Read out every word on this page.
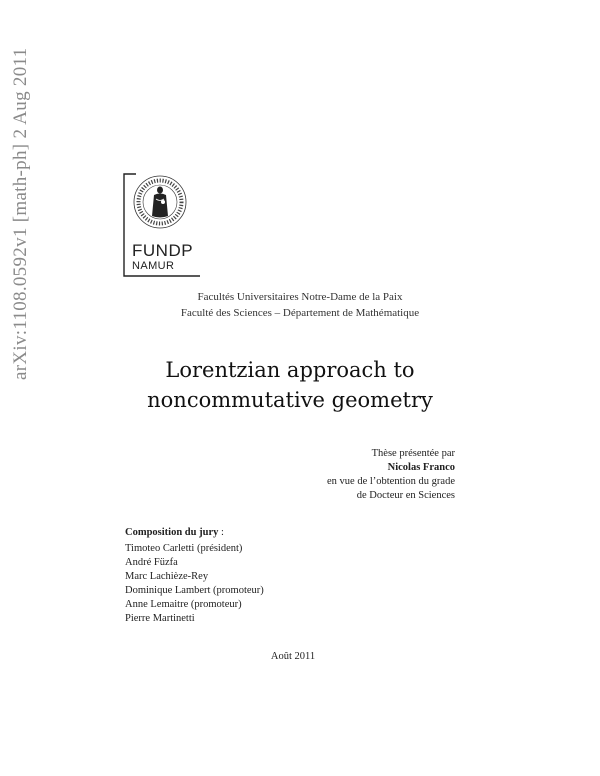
arXiv:1108.0592v1 [math-ph] 2 Aug 2011	FUNDP
NAMUR
Facultés Universitaires Notre-Dame de la Paix
Faculté des Sciences – Département de Mathématique
Lorentzian approach to
noncommutative geometry
Thèse présentée par
Nicolas Franco
en vue de l’obtention du grade
de Docteur en Sciences
Composition du jury :
Timoteo Carletti (président)
André Füzfa
Marc Lachièze-Rey
Dominique Lambert (promoteur)
Anne Lemaitre (promoteur)
Pierre Martinetti
Août 2011
